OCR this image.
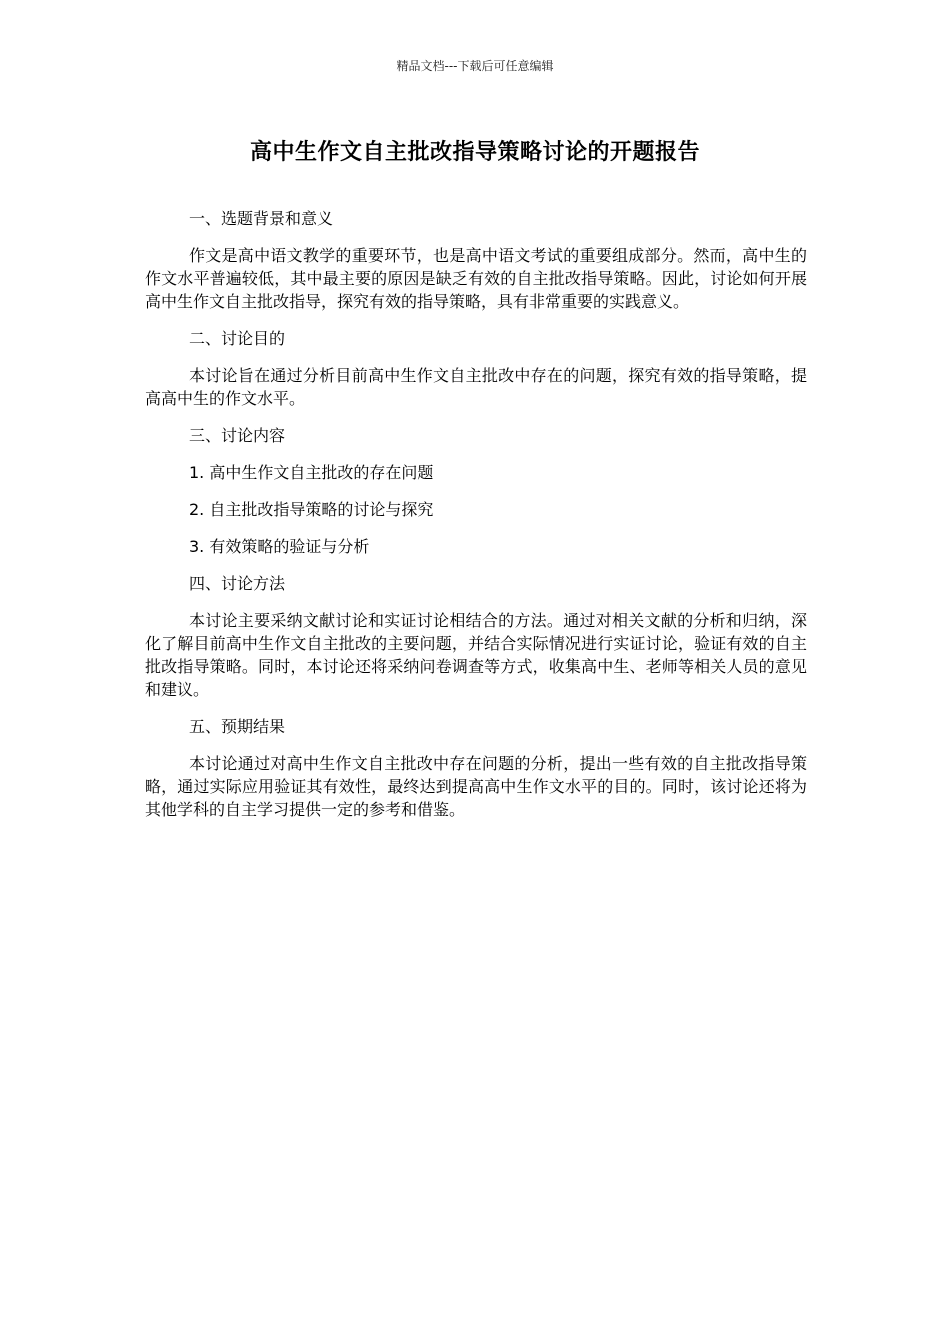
精品文档---下载后可任意编辑
高中生作文自主批改指导策略讨论的开题报告

一、选题背景和意义

作文是高中语文教学的重要环节，也是高中语文考试的重要组成部分。然而，高中生的作文水平普遍较低，其中最主要的原因是缺乏有效的自主批改指导策略。因此，讨论如何开展高中生作文自主批改指导，探究有效的指导策略，具有非常重要的实践意义。

二、讨论目的

本讨论旨在通过分析目前高中生作文自主批改中存在的问题，探究有效的指导策略，提高高中生的作文水平。

三、讨论内容

1. 高中生作文自主批改的存在问题

2. 自主批改指导策略的讨论与探究

3. 有效策略的验证与分析

四、讨论方法

本讨论主要采纳文献讨论和实证讨论相结合的方法。通过对相关文献的分析和归纳，深化了解目前高中生作文自主批改的主要问题，并结合实际情况进行实证讨论，验证有效的自主批改指导策略。同时，本讨论还将采纳问卷调查等方式，收集高中生、老师等相关人员的意见和建议。

五、预期结果

本讨论通过对高中生作文自主批改中存在问题的分析，提出一些有效的自主批改指导策略，通过实际应用验证其有效性，最终达到提高高中生作文水平的目的。同时，该讨论还将为其他学科的自主学习提供一定的参考和借鉴。
